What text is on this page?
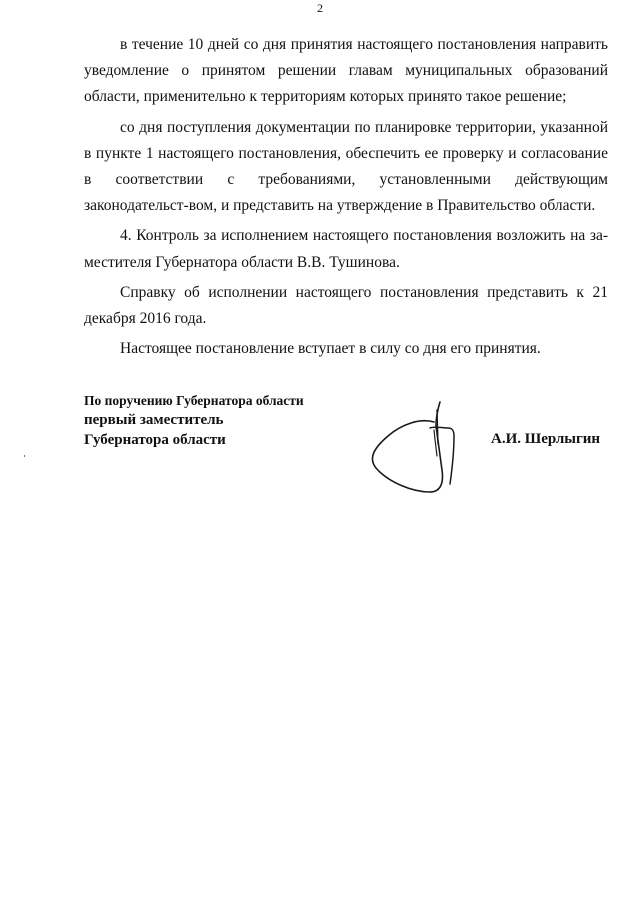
2

в течение 10 дней со дня принятия настоящего постановления направить уведомление о принятом решении главам муниципальных образований области, применительно к территориям которых принято такое решение;

со дня поступления документации по планировке территории, указанной в пункте 1 настоящего постановления, обеспечить ее проверку и согласование в соответствии с требованиями, установленными действующим законодательст-вом, и представить на утверждение в Правительство области.

4. Контроль за исполнением настоящего постановления возложить на за-местителя Губернатора области В.В. Тушинова.

Справку об исполнении настоящего постановления представить к 21 декабря 2016 года.

Настоящее постановление вступает в силу со дня его принятия.

По поручению Губернатора области
первый заместитель
Губернатора области	А.И. Шерлыгин
